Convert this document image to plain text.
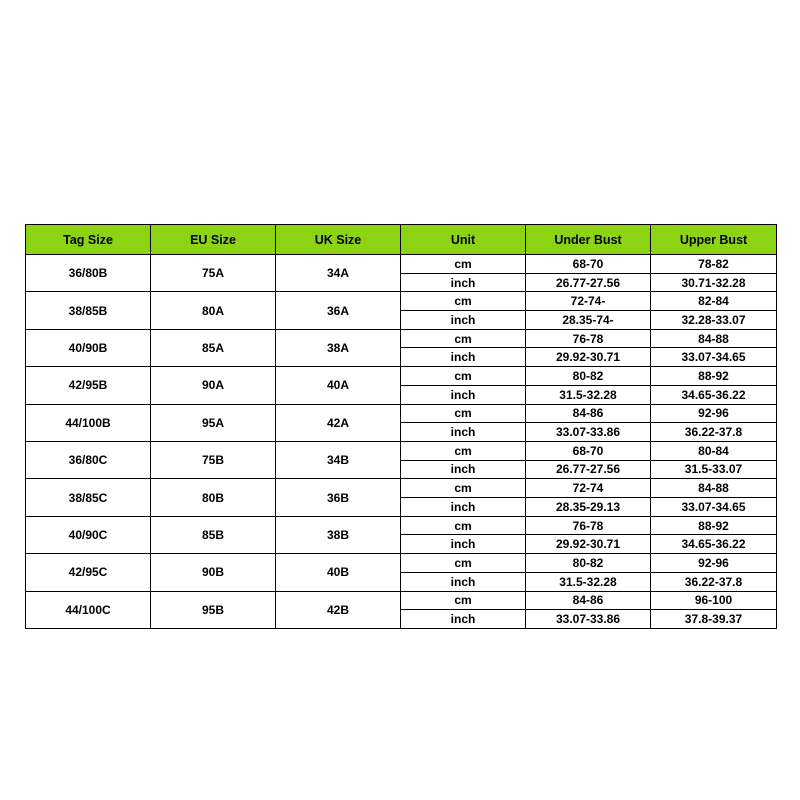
Tag Size	EU Size	UK Size	Unit	Under Bust	Upper Bust
36/80B	75A	34A	cm	68-70	78-82
			inch	26.77-27.56	30.71-32.28
38/85B	80A	36A	cm	72-74-	82-84
			inch	28.35-74-	32.28-33.07
40/90B	85A	38A	cm	76-78	84-88
			inch	29.92-30.71	33.07-34.65
42/95B	90A	40A	cm	80-82	88-92
			inch	31.5-32.28	34.65-36.22
44/100B	95A	42A	cm	84-86	92-96
			inch	33.07-33.86	36.22-37.8
36/80C	75B	34B	cm	68-70	80-84
			inch	26.77-27.56	31.5-33.07
38/85C	80B	36B	cm	72-74	84-88
			inch	28.35-29.13	33.07-34.65
40/90C	85B	38B	cm	76-78	88-92
			inch	29.92-30.71	34.65-36.22
42/95C	90B	40B	cm	80-82	92-96
			inch	31.5-32.28	36.22-37.8
44/100C	95B	42B	cm	84-86	96-100
			inch	33.07-33.86	37.8-39.37
